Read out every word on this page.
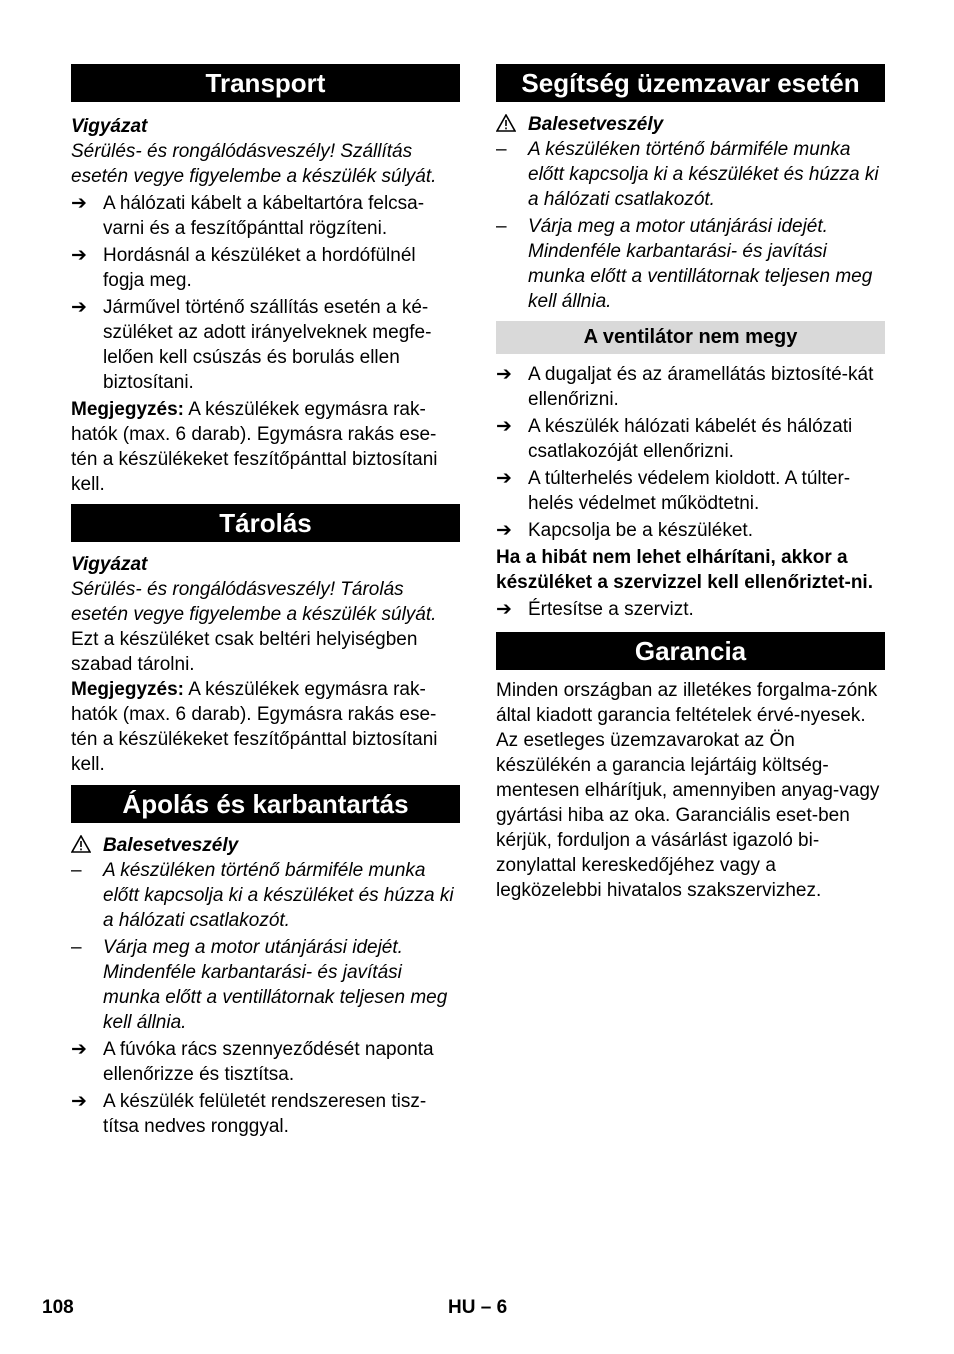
Transport

Vigyázat

Sérülés- és rongálódásveszély! Szállítás esetén vegye figyelembe a készülék súlyát.

➔ A hálózati kábelt a kábeltartóra felcsa-varni és a feszítőpánttal rögzíteni.
➔ Hordásnál a készüléket a hordófülnél fogja meg.
➔ Járművel történő szállítás esetén a ké-szüléket az adott irányelveknek megfe-lelően kell csúszás és borulás ellen biztosítani.

Megjegyzés: A készülékek egymásra rak-hatók (max. 6 darab). Egymásra rakás ese-tén a készülékeket feszítőpánttal biztosítani kell.

Tárolás

Vigyázat

Sérülés- és rongálódásveszély! Tárolás esetén vegye figyelembe a készülék súlyát.

Ezt a készüléket csak beltéri helyiségben szabad tárolni.

Megjegyzés: A készülékek egymásra rak-hatók (max. 6 darab). Egymásra rakás ese-tén a készülékeket feszítőpánttal biztosítani kell.

Ápolás és karbantartás
Balesetveszély
–	A készüléken történő bármiféle munka előtt kapcsolja ki a készüléket és húzza ki a hálózati csatlakozót.
–	Várja meg a motor utánjárási idejét. Mindenféle karbantarási- és javítási munka előtt a ventillátornak teljesen meg kell állnia.
➔ A fúvóka rács szennyeződését naponta ellenőrizze és tisztítsa.
➔ A készülék felületét rendszeresen tisz-títsa nedves ronggyal.
Segítség üzemzavar esetén
Balesetveszély
–	A készüléken történő bármiféle munka előtt kapcsolja ki a készüléket és húzza ki a hálózati csatlakozót.
–	Várja meg a motor utánjárási idejét. Mindenféle karbantarási- és javítási munka előtt a ventillátornak teljesen meg kell állnia.
A ventilátor nem megy
➔ A dugaljat és az áramellátás biztosíté-kát ellenőrizni.
➔ A készülék hálózati kábelét és hálózati csatlakozóját ellenőrizni.
➔ A túlterhelés védelem kioldott. A túlter-helés védelmet működtetni.
➔ Kapcsolja be a készüléket.

Ha a hibát nem lehet elhárítani, akkor a készüléket a szervizzel kell ellenőriztet-ni.

➔ Értesítse a szervizt.
Garancia

Minden országban az illetékes forgalma-zónk által kiadott garancia feltételek érvé-nyesek. Az esetleges üzemzavarokat az Ön készülékén a garancia lejártáig költség-mentesen elhárítjuk, amennyiben anyag-vagy gyártási hiba az oka. Garanciális eset-ben kérjük, forduljon a vásárlást igazoló bi-zonylattal kereskedőjéhez vagy a legközelebbi hivatalos szakszervizhez.

108	HU – 6
